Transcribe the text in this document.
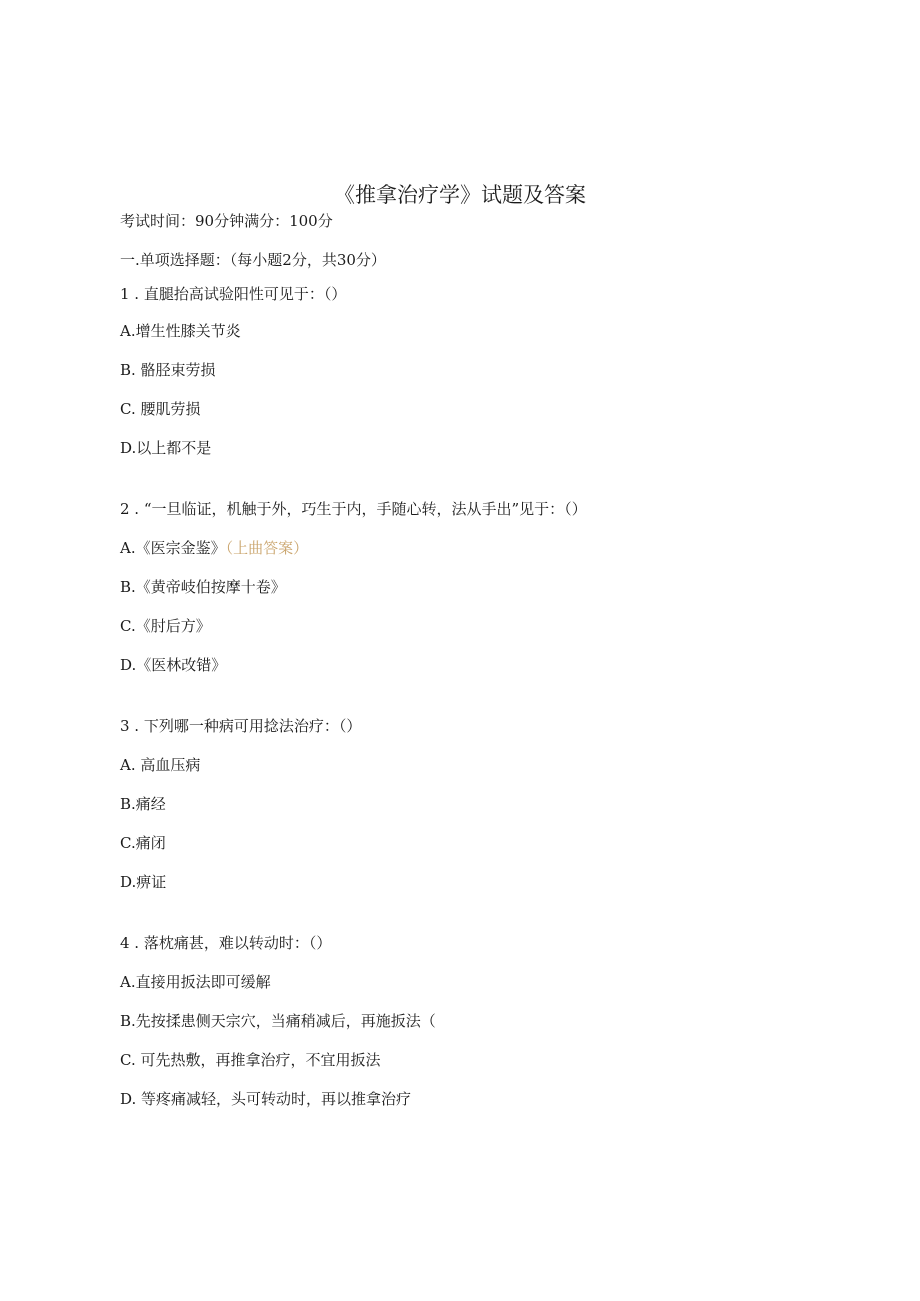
《推拿治疗学》试题及答案
考试时间：90分钟满分：100分
一.单项选择题：（每小题2分，共30分）
1 . 直腿抬高试验阳性可见于：（）
A.增生性膝关节炎
B. 骼胫束劳损
C. 腰肌劳损
D.以上都不是
2 . “一旦临证，机触于外，巧生于内，手随心转，法从手出”见于：（）
A.《医宗金鉴》（上曲答案）
B.《黄帝岐伯按摩十卷》
C.《肘后方》
D.《医林改错》
3 . 下列哪一种病可用捻法治疗：（）
A. 高血压病
B.痛经
C.痛闭
D.痹证
4 . 落枕痛甚，难以转动时：（）
A.直接用扳法即可缓解
B.先按揉患侧天宗穴，当痛稍减后，再施扳法（
C. 可先热敷，再推拿治疗，不宜用扳法
D. 等疼痛减轻，头可转动时，再以推拿治疗
